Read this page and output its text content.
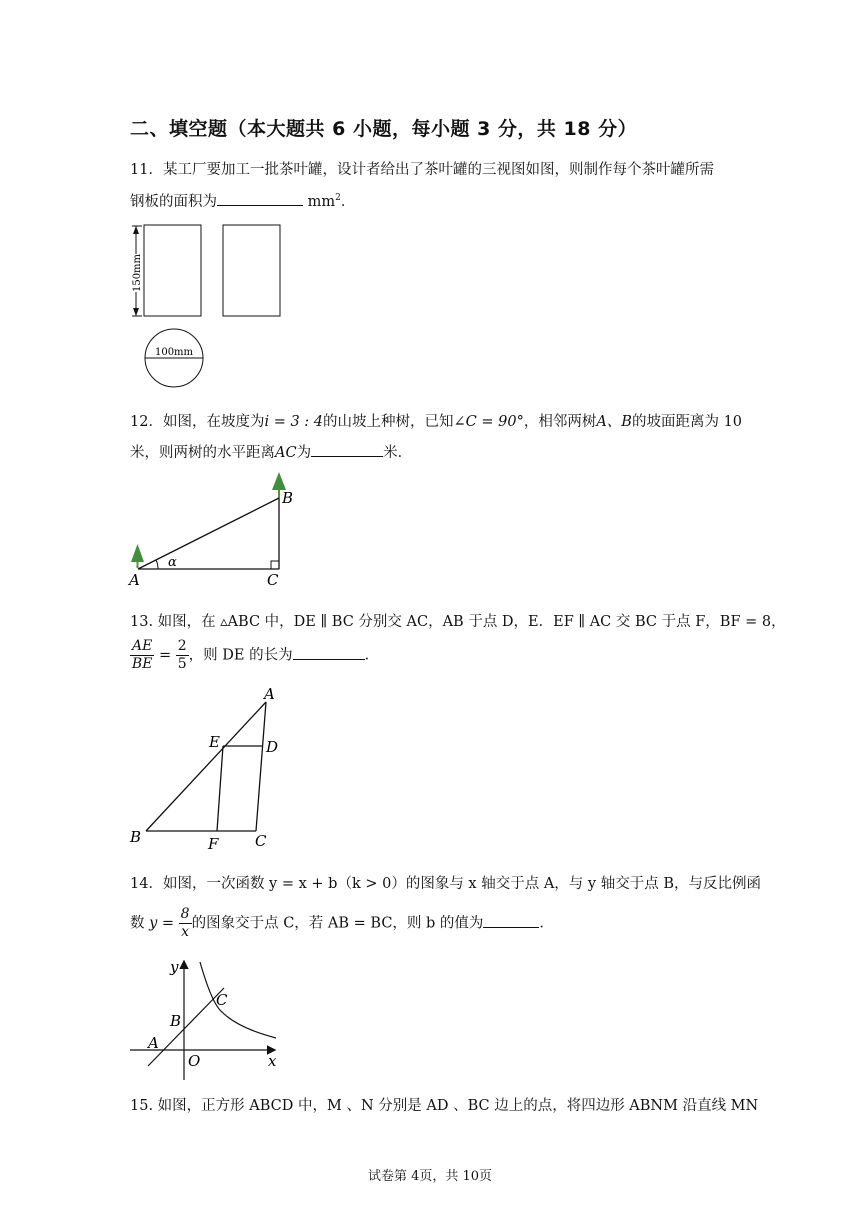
二、填空题（本大题共 6 小题，每小题 3 分，共 18 分）
11．某工厂要加工一批茶叶罐，设计者给出了茶叶罐的三视图如图，则制作每个茶叶罐所需
钢板的面积为	$mm^2$．
150mm
100mm
12．如图，在坡度为i = 3 : 4的山坡上种树，已知∠C = 90°，相邻两树A、B的坡面距离为 10
米，则两树的水平距离AC为	米．
α
A	C
B
13. 如图，在 ▵ABC 中，DE ∥ BC 分别交 AC，AB 于点 D，E．EF ∥ AC 交 BC 于点 F，BF = 8，
$\frac{AE}{BE} = \frac{2}{5}$ ，则 DE 的长为	．
A
E	D
B	F C
14．如图，一次函数 y = x + b（k > 0）的图象与 x 轴交于点 A，与 y 轴交于点 B，与反比例函
数 $y = \frac{8}{x}$ 的图象交于点 C，若 AB = BC，则 b 的值为	．
x
y
O
A
B
C
15. 如图，正方形 ABCD 中，M 、N 分别是 AD 、BC 边上的点，将四边形 ABNM 沿直线 MN
试卷第 4页，共 10页
